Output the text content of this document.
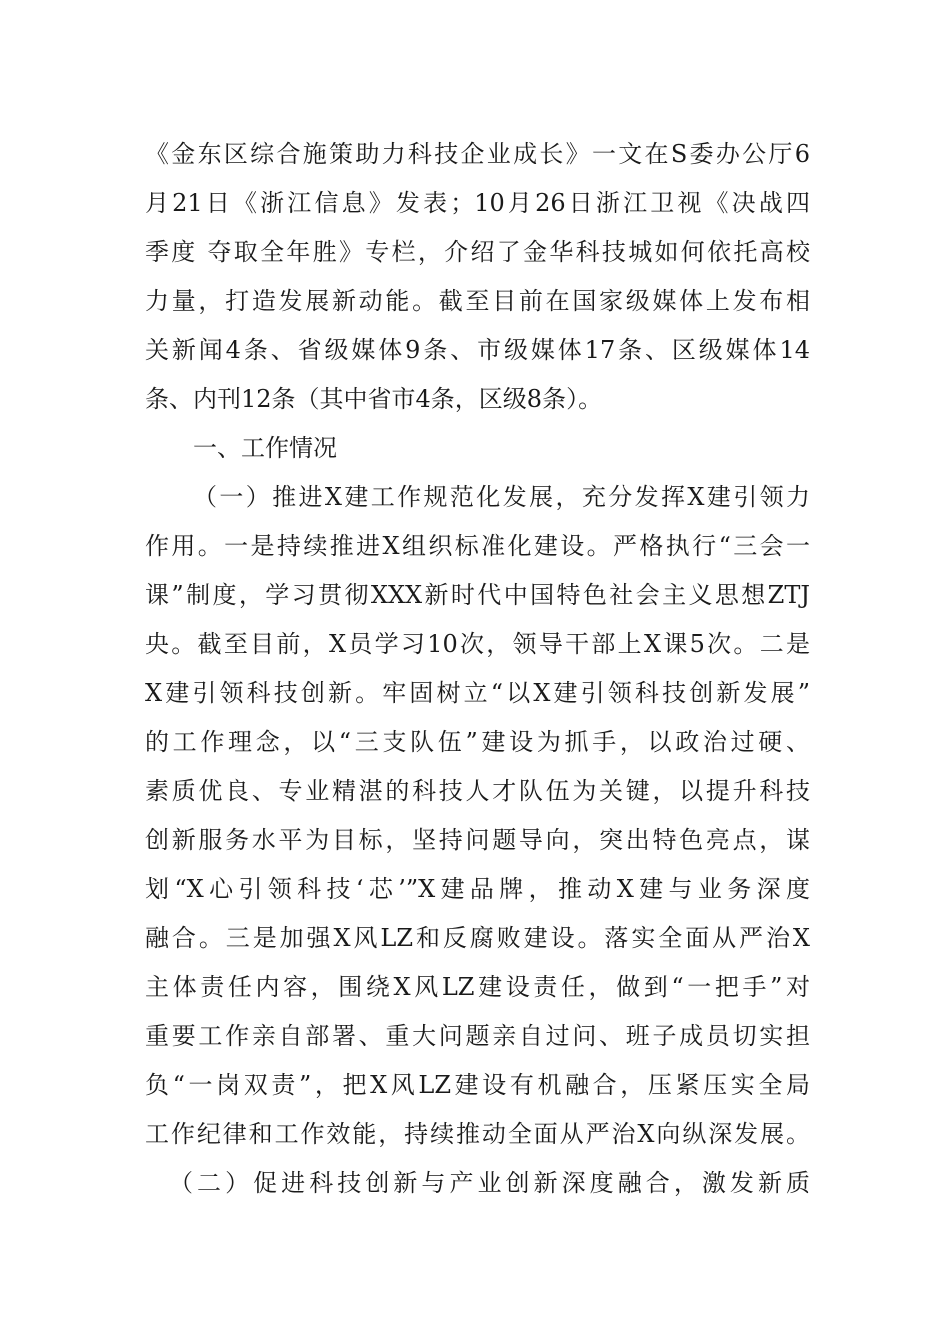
《金东区综合施策助力科技企业成长》一文在S委办公厅6
月21日《浙江信息》发表；10月26日浙江卫视《决战四
季度 夺取全年胜》专栏，介绍了金华科技城如何依托高校
力量，打造发展新动能。截至目前在国家级媒体上发布相
关新闻4条、省级媒体9条、市级媒体17条、区级媒体14
条、内刊12条（其中省市4条，区级8条）。
一、工作情况
（一）推进X建工作规范化发展，充分发挥X建引领力
作用。一是持续推进X组织标准化建设。严格执行“三会一
课”制度，学习贯彻XXX新时代中国特色社会主义思想ZTJ
央。截至目前，X员学习10次，领导干部上X课5次。二是
X建引领科技创新。牢固树立“以X建引领科技创新发展”
的工作理念，以“三支队伍”建设为抓手，以政治过硬、
素质优良、专业精湛的科技人才队伍为关键，以提升科技
创新服务水平为目标，坚持问题导向，突出特色亮点，谋
划“X心引领科技‘芯’”X建品牌，推动X建与业务深度
融合。三是加强X风LZ和反腐败建设。落实全面从严治X
主体责任内容，围绕X风LZ建设责任，做到“一把手”对
重要工作亲自部署、重大问题亲自过问、班子成员切实担
负“一岗双责”，把X风LZ建设有机融合，压紧压实全局
工作纪律和工作效能，持续推动全面从严治X向纵深发展。
（二）促进科技创新与产业创新深度融合，激发新质
